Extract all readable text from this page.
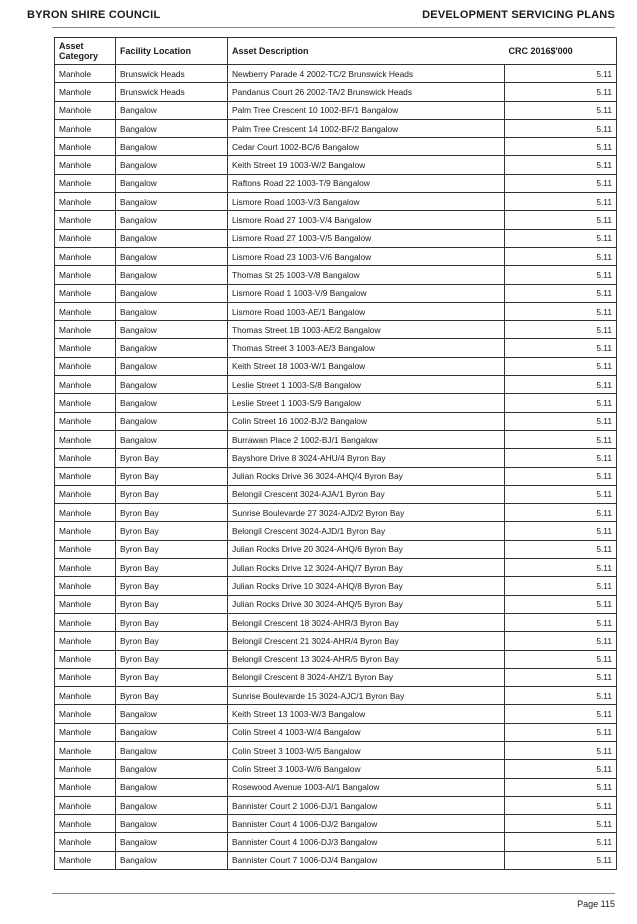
BYRON SHIRE COUNCIL	DEVELOPMENT SERVICING PLANS
Asset Category	Facility Location	Asset Description	CRC 2016$'000
Manhole	Brunswick Heads	Newberry Parade 4 2002-TC/2 Brunswick Heads	5.11
Manhole	Brunswick Heads	Pandanus Court 26 2002-TA/2 Brunswick Heads	5.11
Manhole	Bangalow	Palm Tree Crescent 10 1002-BF/1 Bangalow	5.11
Manhole	Bangalow	Palm Tree Crescent 14 1002-BF/2 Bangalow	5.11
Manhole	Bangalow	Cedar Court 1002-BC/6 Bangalow	5.11
Manhole	Bangalow	Keith Street 19 1003-W/2 Bangalow	5.11
Manhole	Bangalow	Raftons Road 22 1003-T/9 Bangalow	5.11
Manhole	Bangalow	Lismore Road 1003-V/3 Bangalow	5.11
Manhole	Bangalow	Lismore Road 27 1003-V/4 Bangalow	5.11
Manhole	Bangalow	Lismore Road 27 1003-V/5 Bangalow	5.11
Manhole	Bangalow	Lismore Road 23 1003-V/6 Bangalow	5.11
Manhole	Bangalow	Thomas St 25 1003-V/8 Bangalow	5.11
Manhole	Bangalow	Lismore Road 1 1003-V/9 Bangalow	5.11
Manhole	Bangalow	Lismore Road 1003-AE/1 Bangalow	5.11
Manhole	Bangalow	Thomas Street 1B 1003-AE/2 Bangalow	5.11
Manhole	Bangalow	Thomas Street 3 1003-AE/3 Bangalow	5.11
Manhole	Bangalow	Keith Street 18 1003-W/1 Bangalow	5.11
Manhole	Bangalow	Leslie Street 1 1003-S/8 Bangalow	5.11
Manhole	Bangalow	Leslie Street 1 1003-S/9 Bangalow	5.11
Manhole	Bangalow	Colin Street 16 1002-BJ/2 Bangalow	5.11
Manhole	Bangalow	Burrawan Place 2 1002-BJ/1 Bangalow	5.11
Manhole	Byron Bay	Bayshore Drive 8 3024-AHU/4 Byron Bay	5.11
Manhole	Byron Bay	Julian Rocks Drive 36 3024-AHQ/4 Byron Bay	5.11
Manhole	Byron Bay	Belongil Crescent 3024-AJA/1 Byron Bay	5.11
Manhole	Byron Bay	Sunrise Boulevarde 27 3024-AJD/2 Byron Bay	5.11
Manhole	Byron Bay	Belongil Crescent 3024-AJD/1 Byron Bay	5.11
Manhole	Byron Bay	Julian Rocks Drive 20 3024-AHQ/6 Byron Bay	5.11
Manhole	Byron Bay	Julian Rocks Drive 12 3024-AHQ/7 Byron Bay	5.11
Manhole	Byron Bay	Julian Rocks Drive 10 3024-AHQ/8 Byron Bay	5.11
Manhole	Byron Bay	Julian Rocks Drive 30 3024-AHQ/5 Byron Bay	5.11
Manhole	Byron Bay	Belongil Crescent 18 3024-AHR/3 Byron Bay	5.11
Manhole	Byron Bay	Belongil Crescent 21 3024-AHR/4 Byron Bay	5.11
Manhole	Byron Bay	Belongil Crescent 13 3024-AHR/5 Byron Bay	5.11
Manhole	Byron Bay	Belongil Crescent 8 3024-AHZ/1 Byron Bay	5.11
Manhole	Byron Bay	Sunrise Boulevarde 15 3024-AJC/1 Byron Bay	5.11
Manhole	Bangalow	Keith Street 13 1003-W/3 Bangalow	5.11
Manhole	Bangalow	Colin Street 4 1003-W/4 Bangalow	5.11
Manhole	Bangalow	Colin Street 3 1003-W/5 Bangalow	5.11
Manhole	Bangalow	Colin Street 3 1003-W/6 Bangalow	5.11
Manhole	Bangalow	Rosewood Avenue 1003-AI/1 Bangalow	5.11
Manhole	Bangalow	Bannister Court 2 1006-DJ/1 Bangalow	5.11
Manhole	Bangalow	Bannister Court 4 1006-DJ/2 Bangalow	5.11
Manhole	Bangalow	Bannister Court 4 1006-DJ/3 Bangalow	5.11
Manhole	Bangalow	Bannister Court 7 1006-DJ/4 Bangalow	5.11
Page 115
